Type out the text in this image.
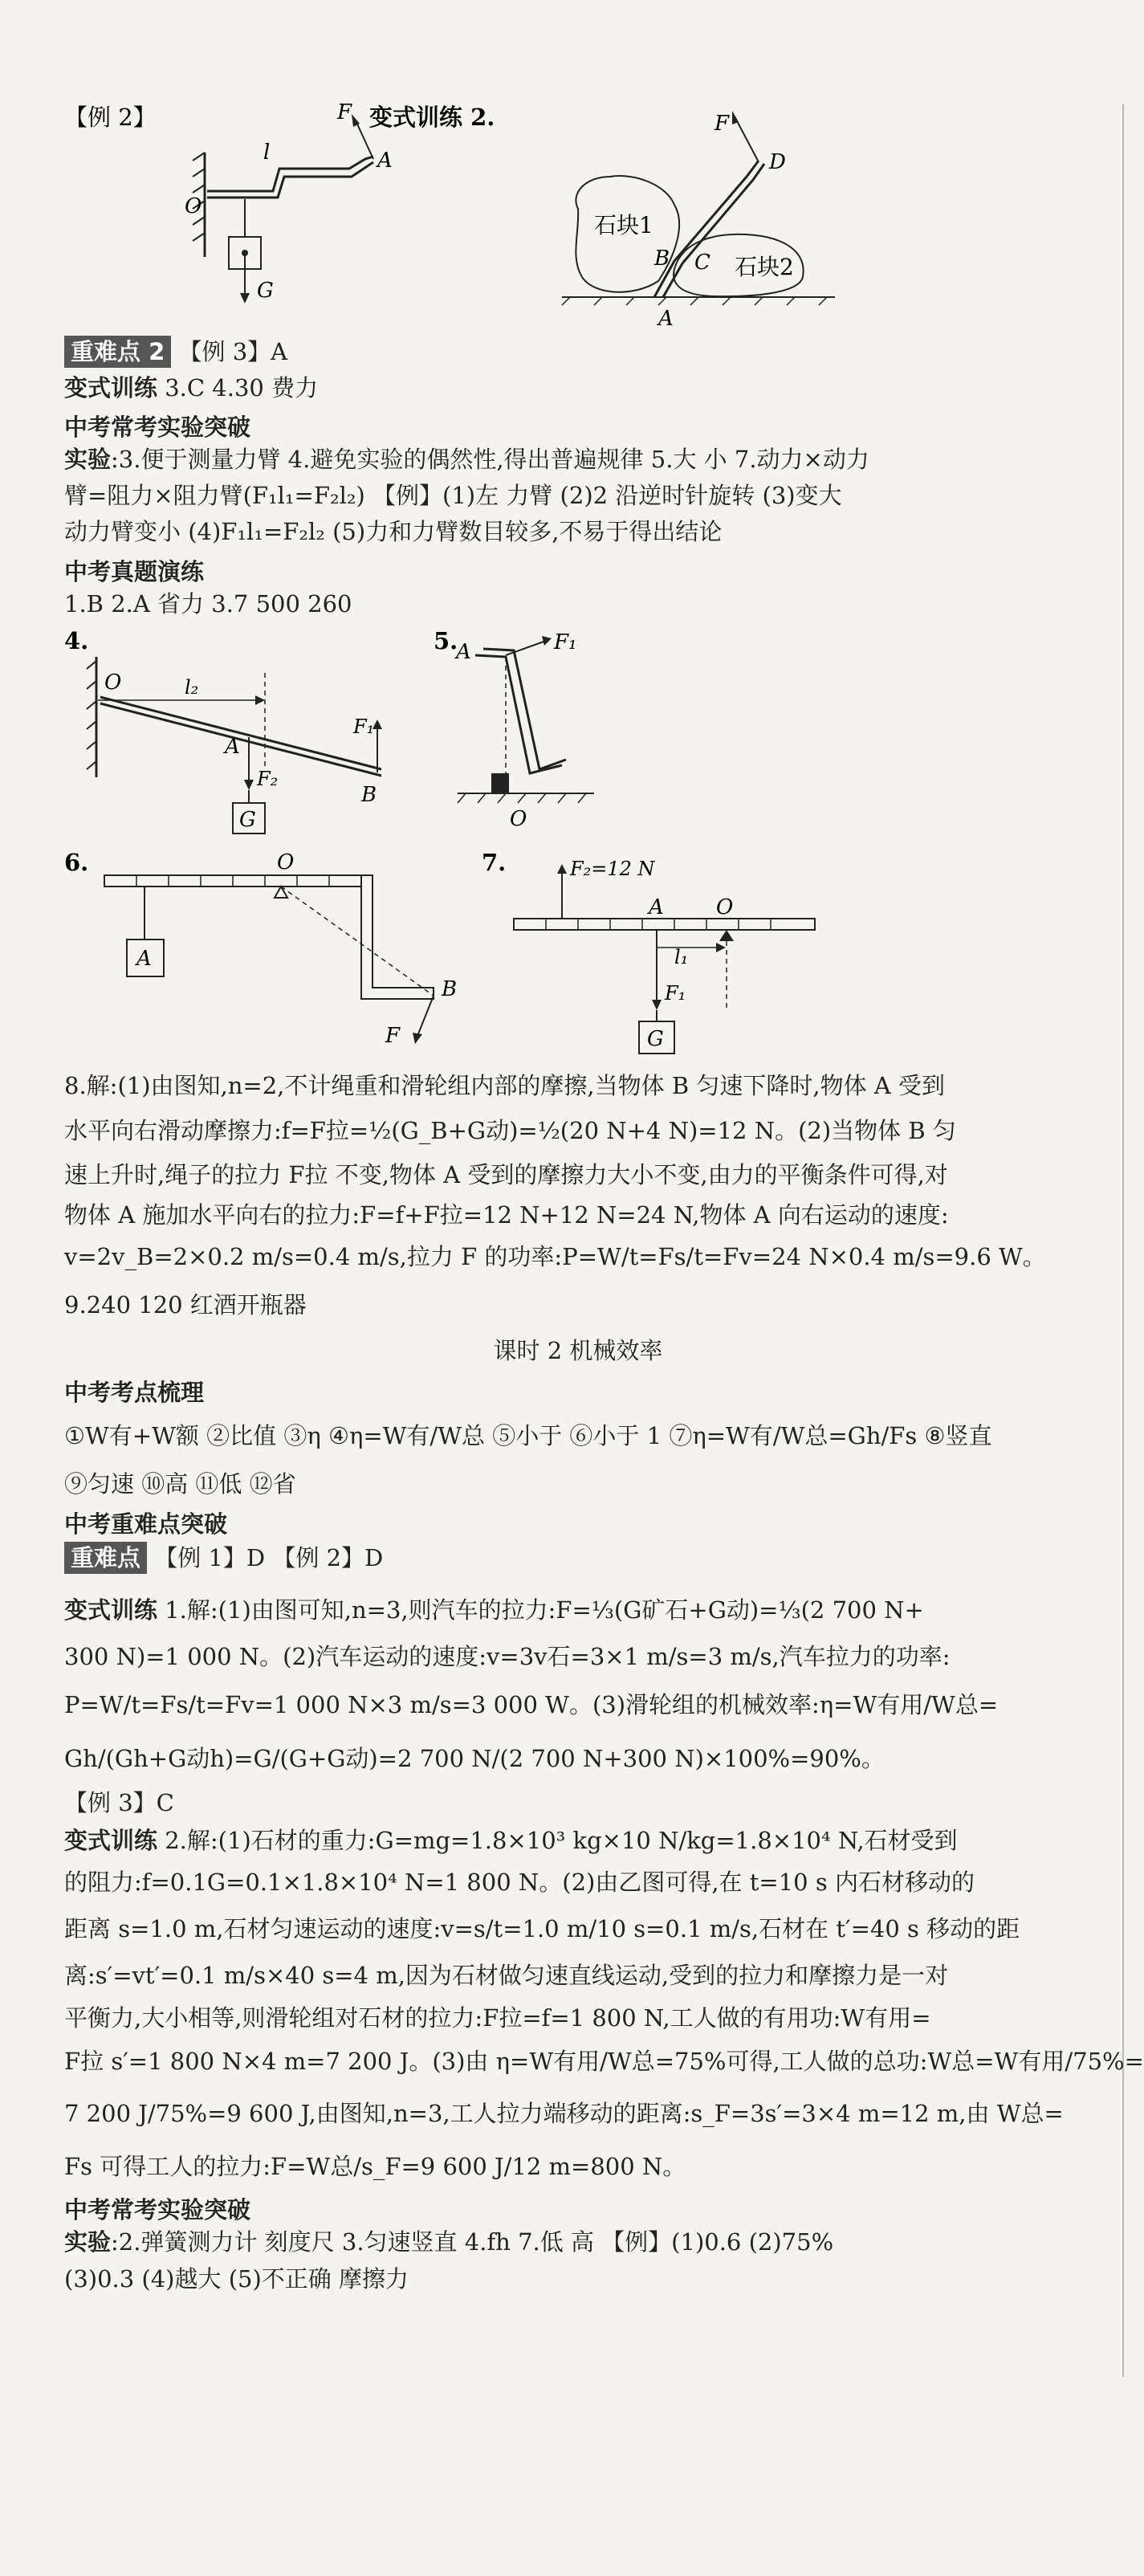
【例 2】	F
l	A
O
G
变式训练 2.
石块1
石块2
F
D
B C
A
重难点 2 【例 3】A
变式训练 3.C 4.30 费力
中考常考实验突破
实验:3.便于测量力臂 4.避免实验的偶然性,得出普遍规律 5.大 小 7.动力×动力
臂=阻力×阻力臂(F₁l₁=F₂l₂) 【例】(1)左 力臂 (2)2 沿逆时针旋转 (3)变大
动力臂变小 (4)F₁l₁=F₂l₂ (5)力和力臂数目较多,不易于得出结论
中考真题演练
1.B 2.A 省力 3.7 500 260
4.
O	l₂
A
F₂
G
F₁
B
5.	F₁
A
O
6.	O
A
B
F
7.	F₂=12 N
A	O
l₁
F₁
G
8.解:(1)由图知,n=2,不计绳重和滑轮组内部的摩擦,当物体 B 匀速下降时,物体 A 受到
水平向右滑动摩擦力:f=F拉=½(G_B+G动)=½(20 N+4 N)=12 N。(2)当物体 B 匀
速上升时,绳子的拉力 F拉 不变,物体 A 受到的摩擦力大小不变,由力的平衡条件可得,对
物体 A 施加水平向右的拉力:F=f+F拉=12 N+12 N=24 N,物体 A 向右运动的速度:
v=2v_B=2×0.2 m/s=0.4 m/s,拉力 F 的功率:P=W/t=Fs/t=Fv=24 N×0.4 m/s=9.6 W。
9.240 120 红酒开瓶器
课时 2 机械效率
中考考点梳理
①W有+W额 ②比值 ③η ④η=W有/W总 ⑤小于 ⑥小于 1 ⑦η=W有/W总=Gh/Fs ⑧竖直
⑨匀速 ⑩高 ⑪低 ⑫省
中考重难点突破
重难点 【例 1】D 【例 2】D
变式训练 1.解:(1)由图可知,n=3,则汽车的拉力:F=⅓(G矿石+G动)=⅓(2 700 N+
300 N)=1 000 N。(2)汽车运动的速度:v=3v石=3×1 m/s=3 m/s,汽车拉力的功率:
P=W/t=Fs/t=Fv=1 000 N×3 m/s=3 000 W。(3)滑轮组的机械效率:η=W有用/W总=
Gh/(Gh+G动h)=G/(G+G动)=2 700 N/(2 700 N+300 N)×100%=90%。
【例 3】C
变式训练 2.解:(1)石材的重力:G=mg=1.8×10³ kg×10 N/kg=1.8×10⁴ N,石材受到
的阻力:f=0.1G=0.1×1.8×10⁴ N=1 800 N。(2)由乙图可得,在 t=10 s 内石材移动的
距离 s=1.0 m,石材匀速运动的速度:v=s/t=1.0 m/10 s=0.1 m/s,石材在 t′=40 s 移动的距
离:s′=vt′=0.1 m/s×40 s=4 m,因为石材做匀速直线运动,受到的拉力和摩擦力是一对
平衡力,大小相等,则滑轮组对石材的拉力:F拉=f=1 800 N,工人做的有用功:W有用=
F拉 s′=1 800 N×4 m=7 200 J。(3)由 η=W有用/W总=75%可得,工人做的总功:W总=W有用/75%=
7 200 J/75%=9 600 J,由图知,n=3,工人拉力端移动的距离:s_F=3s′=3×4 m=12 m,由 W总=
Fs 可得工人的拉力:F=W总/s_F=9 600 J/12 m=800 N。
中考常考实验突破
实验:2.弹簧测力计 刻度尺 3.匀速竖直 4.fh 7.低 高 【例】(1)0.6 (2)75%
(3)0.3 (4)越大 (5)不正确 摩擦力
